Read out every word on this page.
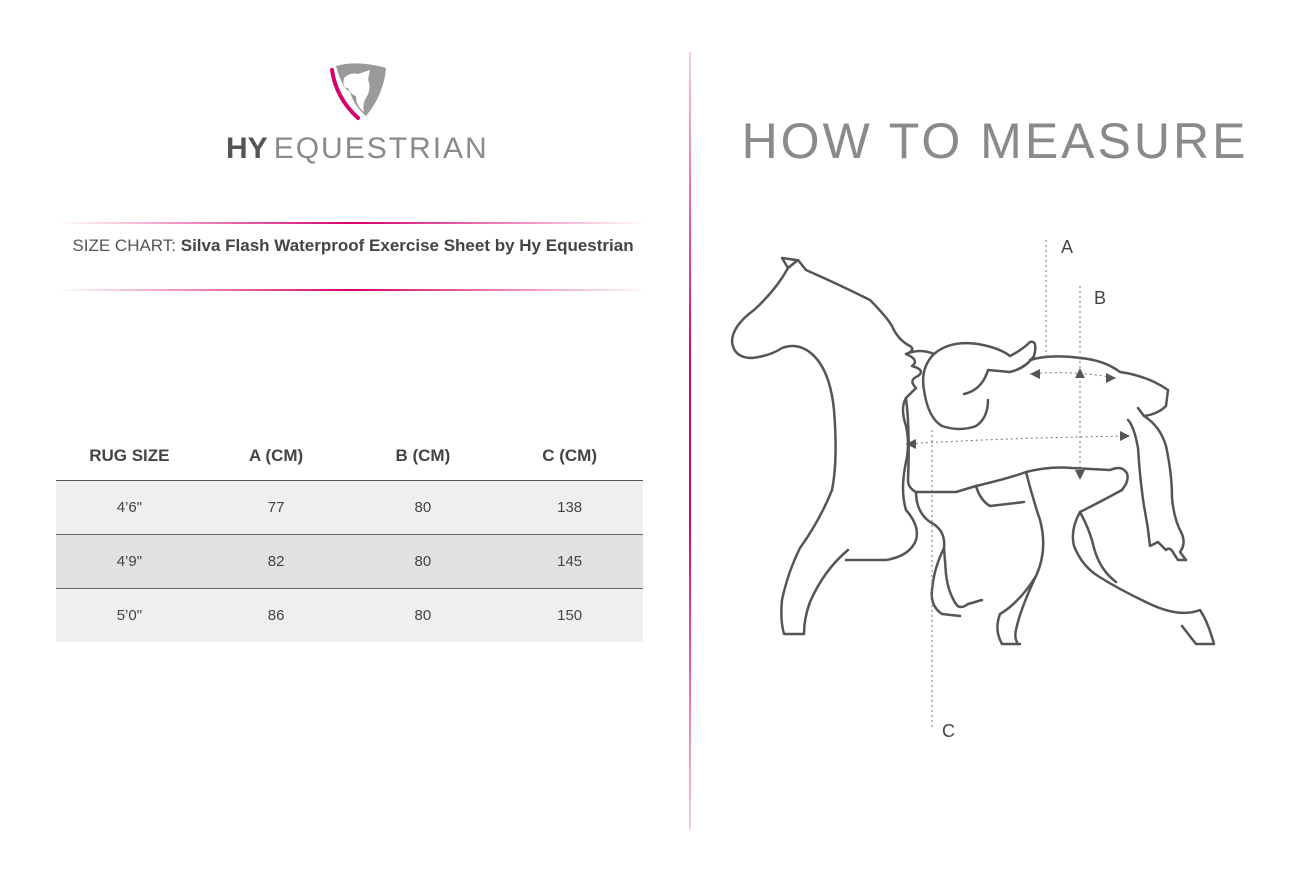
HY EQUESTRIAN
SIZE CHART: Silva Flash Waterproof Exercise Sheet by Hy Equestrian
RUG SIZE	A (CM)	B (CM)	C (CM)
4’6"	77	80	138
4’9"	82	80	145
5’0"	86	80	150
HOW TO MEASURE
A
B
C
